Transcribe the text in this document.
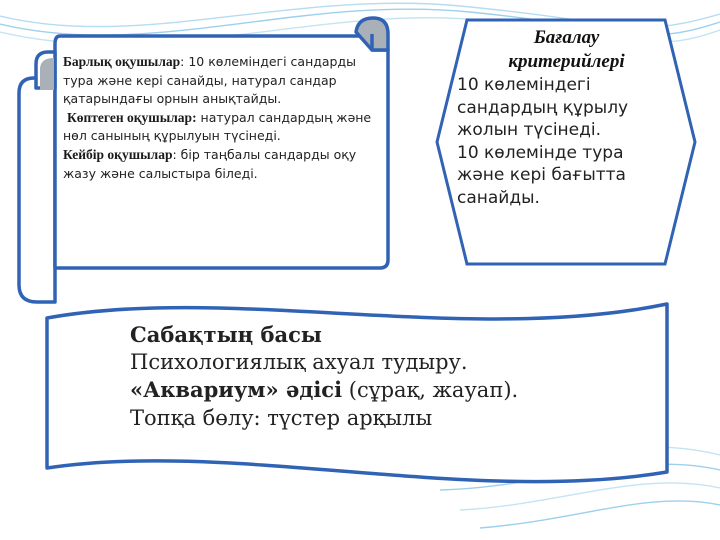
Барлық оқушылар: 10 көлеміндегі сандарды тура және кері санайды, натурал сандар қатарындағы орнын анықтайды.
Көптеген оқушылар: натурал сандардың және нөл санының құрылуын түсінеді.
Кейбір оқушылар: бір таңбалы сандарды оқу жазу және салыстыра біледі.
Бағалау
критерийлері
10 көлеміндегі сандардың құрылу жолын түсінеді.
10 көлемінде тура және кері бағытта санайды.
Сабақтың басы
Психологиялық ахуал тудыру.
«Аквариум» әдісі (сұрақ, жауап).
Топқа бөлу: түстер арқылы
